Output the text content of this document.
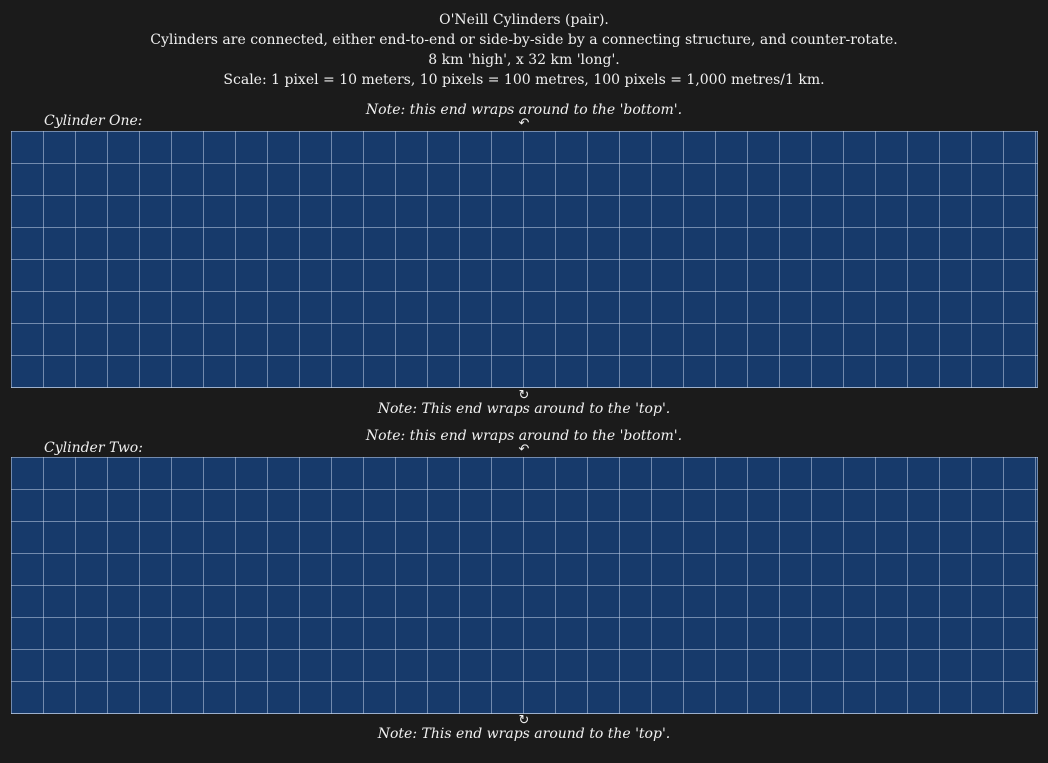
O'Neill Cylinders (pair).
Cylinders are connected, either end-to-end or side-by-side by a connecting structure, and counter-rotate.
8 km 'high', x 32 km 'long'.
Scale: 1 pixel = 10 meters, 10 pixels = 100 metres, 100 pixels = 1,000 metres/1 km.
Note: this end wraps around to the 'bottom'.
Cylinder One:	↶
↻
Note: This end wraps around to the 'top'.
Note: this end wraps around to the 'bottom'.
Cylinder Two:	↶
↻
Note: This end wraps around to the 'top'.
